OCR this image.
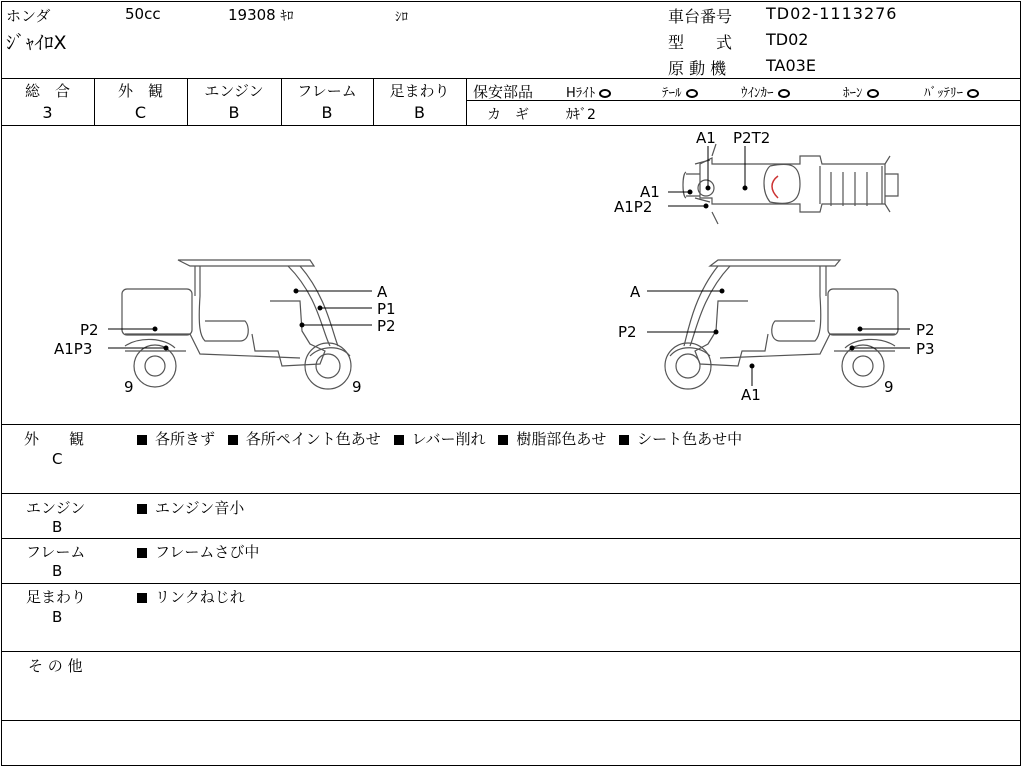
ホンダ	50cc	19308 ｷﾛ	ｼﾛ
ｼﾞｬｲﾛX
車台番号 TD02-1113276
型　　式 TD02
原 動 機 TA03E
総　合
3
外　観
C
エンジン
B
フレーム
B
足まわり
B
保安部品	Hﾗｲﾄ	ﾃｰﾙ	ｳｲﾝｶｰ	ﾎｰﾝ	ﾊﾞｯﾃﾘｰ
カ　ギ	ｶｷﾞ2
A1 P2T2
A1
A1P2
A
P1
P2
P2
A1P3
9	9
A
P2	P2
P3
A1	9
外　　観
C
各所きず 各所ペイント色あせ レバー削れ 樹脂部色あせ シート色あせ中
エンジン
B
エンジン音小
フレーム
B
フレームさび中
足まわり
B
リンクねじれ
そ の 他
